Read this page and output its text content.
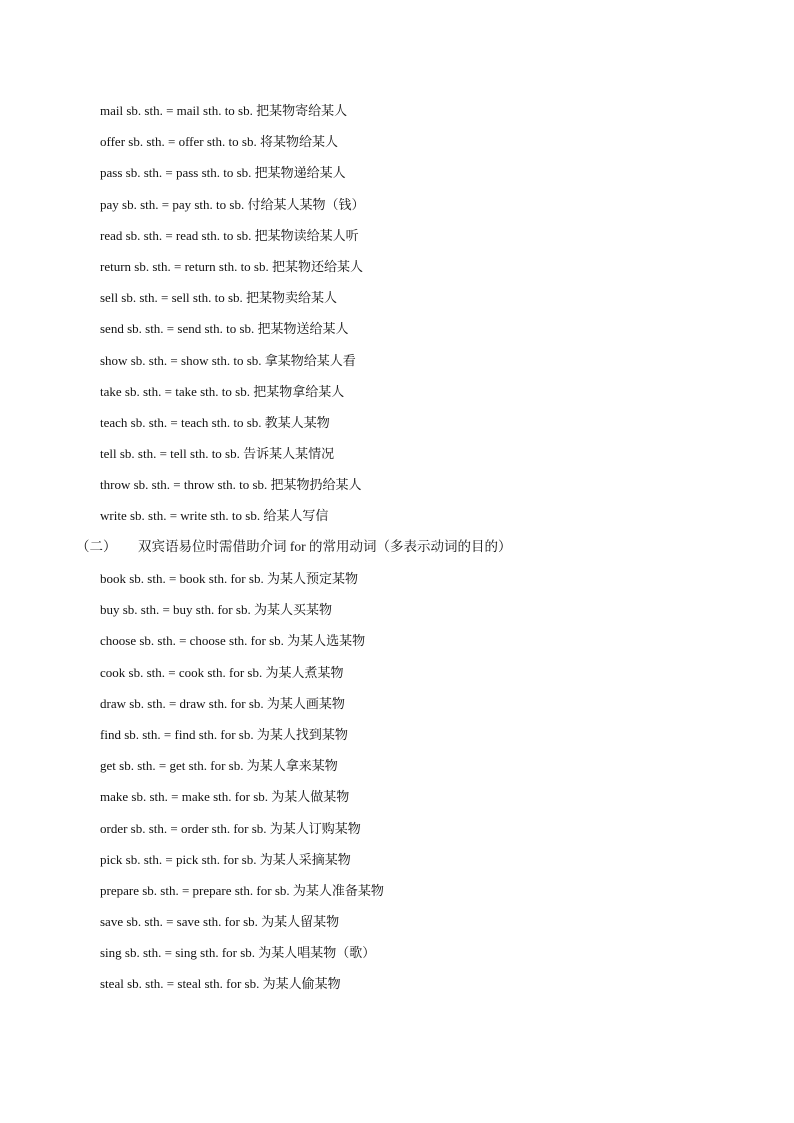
mail sb. sth. = mail sth. to sb. 把某物寄给某人
offer sb. sth. = offer sth. to sb. 将某物给某人
pass sb. sth. = pass sth. to sb. 把某物递给某人
pay sb. sth. = pay sth. to sb. 付给某人某物（钱）
read sb. sth. = read sth. to sb. 把某物读给某人听
return sb. sth. = return sth. to sb. 把某物还给某人
sell sb. sth. = sell sth. to sb. 把某物卖给某人
send sb. sth. = send sth. to sb. 把某物送给某人
show sb. sth. = show sth. to sb. 拿某物给某人看
take sb. sth. = take sth. to sb. 把某物拿给某人
teach sb. sth. = teach sth. to sb. 教某人某物
tell sb. sth. = tell sth. to sb. 告诉某人某情况
throw sb. sth. = throw sth. to sb. 把某物扔给某人
write sb. sth. = write sth. to sb. 给某人写信
（二） 双宾语易位时需借助介词 for 的常用动词（多表示动词的目的）
book sb. sth. = book sth. for sb. 为某人预定某物
buy sb. sth. = buy sth. for sb. 为某人买某物
choose sb. sth. = choose sth. for sb. 为某人选某物
cook sb. sth. = cook sth. for sb. 为某人煮某物
draw sb. sth. = draw sth. for sb. 为某人画某物
find sb. sth. = find sth. for sb. 为某人找到某物
get sb. sth. = get sth. for sb. 为某人拿来某物
make sb. sth. = make sth. for sb. 为某人做某物
order sb. sth. = order sth. for sb. 为某人订购某物
pick sb. sth. = pick sth. for sb. 为某人采摘某物
prepare sb. sth. = prepare sth. for sb. 为某人准备某物
save sb. sth. = save sth. for sb. 为某人留某物
sing sb. sth. = sing sth. for sb. 为某人唱某物（歌）
steal sb. sth. = steal sth. for sb. 为某人偷某物
